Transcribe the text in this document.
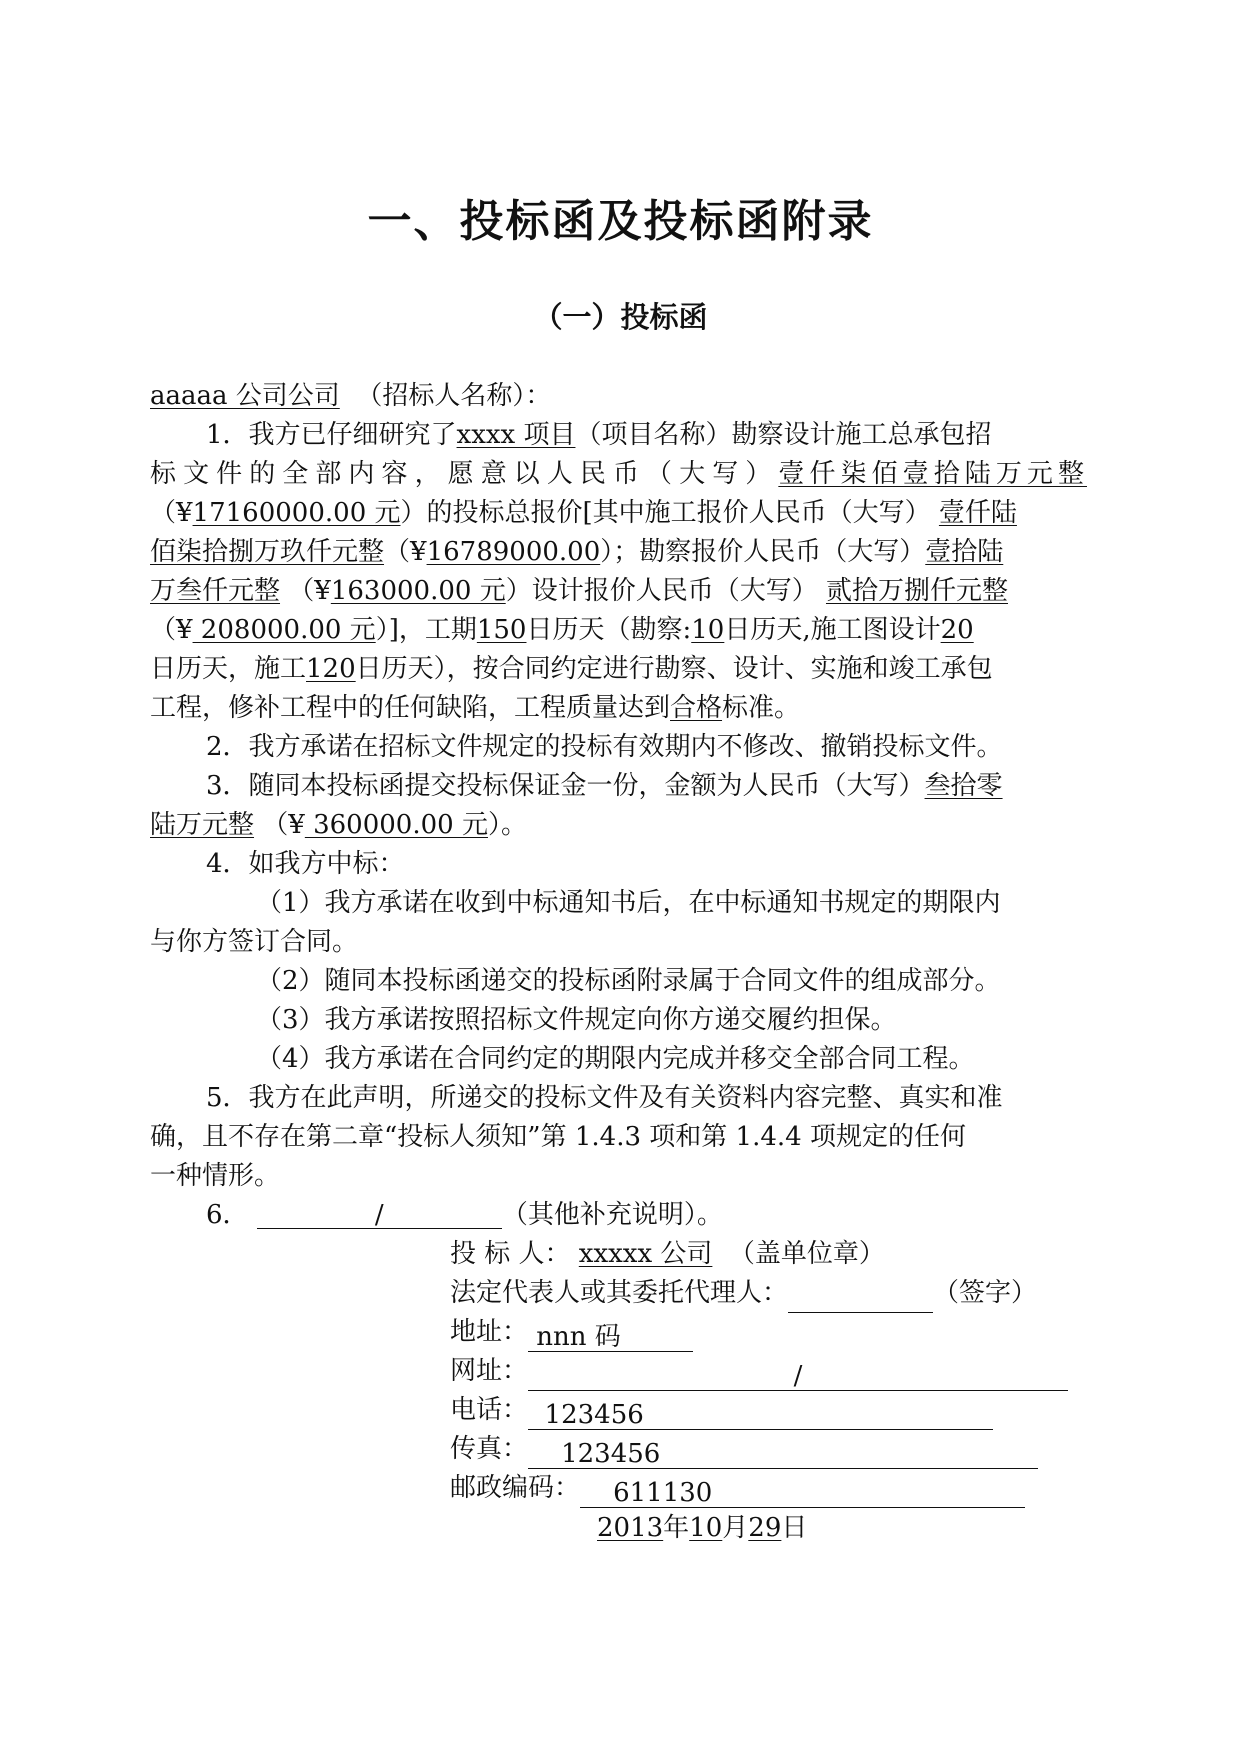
一、投标函及投标函附录
（一）投标函
aaaaa 公司公司 （招标人名称）：
1．我方已仔细研究了xxxx 项目（项目名称）勘察设计施工总承包招
标文件的全部内容，愿意以人民币（大写）壹仟柒佰壹拾陆万元整
（¥17160000.00 元）的投标总报价[其中施工报价人民币（大写） 壹仟陆
佰柒拾捌万玖仟元整（¥16789000.00）；勘察报价人民币（大写）壹拾陆
万叁仟元整 （¥163000.00 元）设计报价人民币（大写） 贰拾万捌仟元整
（¥ 208000.00 元）]，工期150日历天（勘察:10日历天,施工图设计20
日历天，施工120日历天），按合同约定进行勘察、设计、实施和竣工承包
工程，修补工程中的任何缺陷，工程质量达到合格标准。
2．我方承诺在招标文件规定的投标有效期内不修改、撤销投标文件。
3．随同本投标函提交投标保证金一份，金额为人民币（大写）叁拾零
陆万元整 （¥ 360000.00 元）。
4．如我方中标：
（1）我方承诺在收到中标通知书后，在中标通知书规定的期限内
与你方签订合同。
（2）随同本投标函递交的投标函附录属于合同文件的组成部分。
（3）我方承诺按照招标文件规定向你方递交履约担保。
（4）我方承诺在合同约定的期限内完成并移交全部合同工程。
5．我方在此声明，所递交的投标文件及有关资料内容完整、真实和准
确，且不存在第二章“投标人须知”第 1.4.3 项和第 1.4.4 项规定的任何
一种情形。
6．	/	（其他补充说明）。
投 标 人： xxxxx 公司 （盖单位章）
法定代表人或其委托代理人：	（签字）
地址： nnn 码
网址：	/
电话： 123456
传真： 123456
邮政编码： 611130
2013年10月29日
